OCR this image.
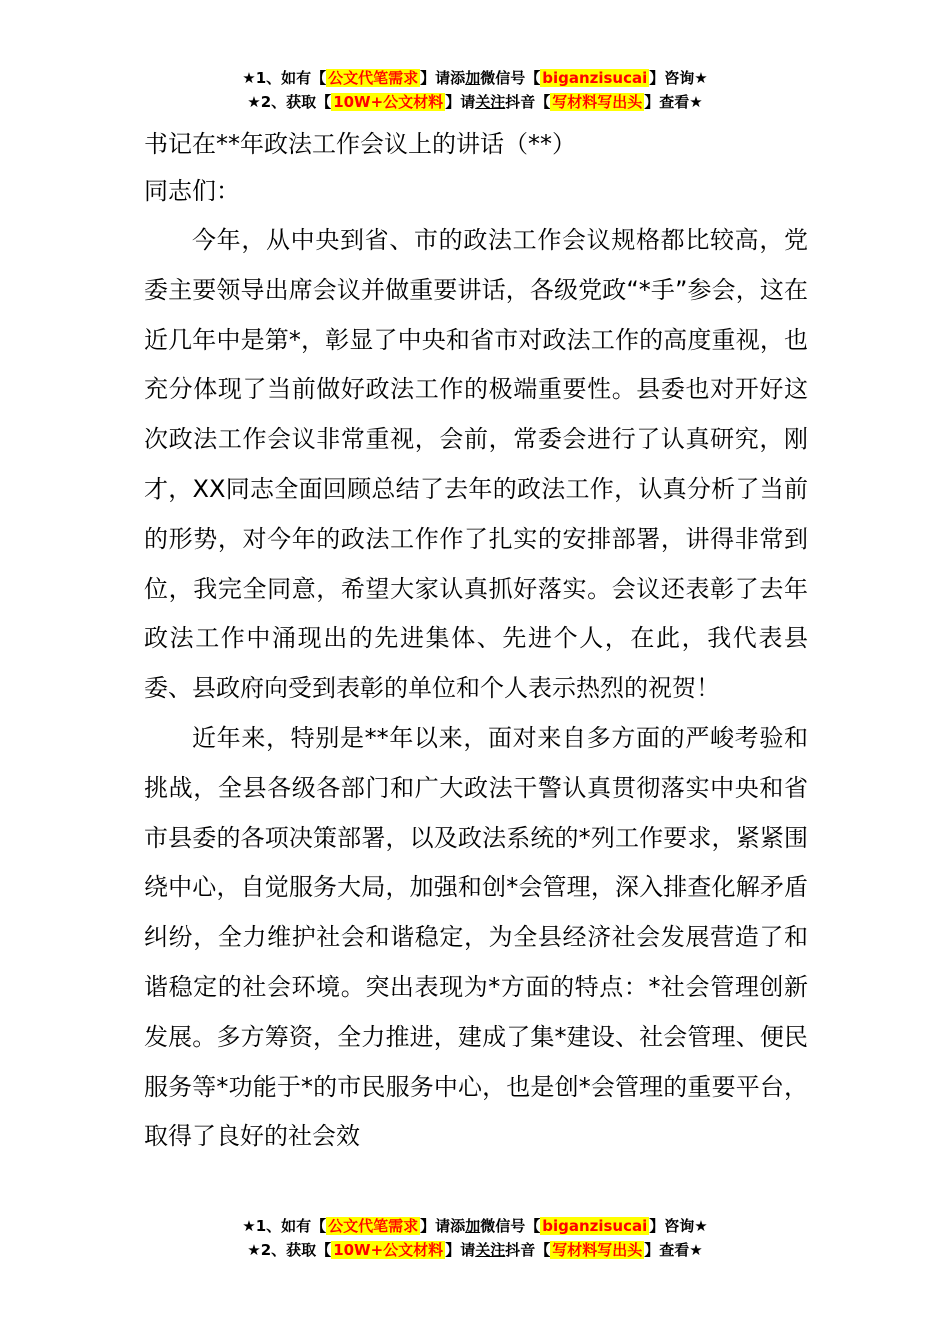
★1、如有【 公文代笔需求 】请添加微信号【 biganzisucai 】咨询★
★2、获取【 10W+公文材料 】请关注抖音【 写材料写出头 】查看★
书记在**年政法工作会议上的讲话（**）
同志们：

今年，从中央到省、市的政法工作会议规格都比较高，党委主要领导出席会议并做重要讲话，各级党政“*手”参会，这在近几年中是第*，彰显了中央和省市对政法工作的高度重视，也充分体现了当前做好政法工作的极端重要性。县委也对开好这次政法工作会议非常重视，会前，常委会进行了认真研究，刚才，XX同志全面回顾总结了去年的政法工作，认真分析了当前的形势，对今年的政法工作作了扎实的安排部署，讲得非常到位，我完全同意，希望大家认真抓好落实。会议还表彰了去年政法工作中涌现出的先进集体、先进个人，在此，我代表县委、县政府向受到表彰的单位和个人表示热烈的祝贺！

近年来，特别是**年以来，面对来自多方面的严峻考验和挑战，全县各级各部门和广大政法干警认真贯彻落实中央和省市县委的各项决策部署，以及政法系统的*列工作要求，紧紧围绕中心，自觉服务大局，加强和创*会管理，深入排查化解矛盾纠纷，全力维护社会和谐稳定，为全县经济社会发展营造了和谐稳定的社会环境。突出表现为*方面的特点：*社会管理创新发展。多方筹资，全力推进，建成了集*建设、社会管理、便民服务等*功能于*的市民服务中心，也是创*会管理的重要平台，取得了良好的社会效

★1、如有【 公文代笔需求 】请添加微信号【 biganzisucai 】咨询★
★2、获取【 10W+公文材料 】请关注抖音【 写材料写出头 】查看★
